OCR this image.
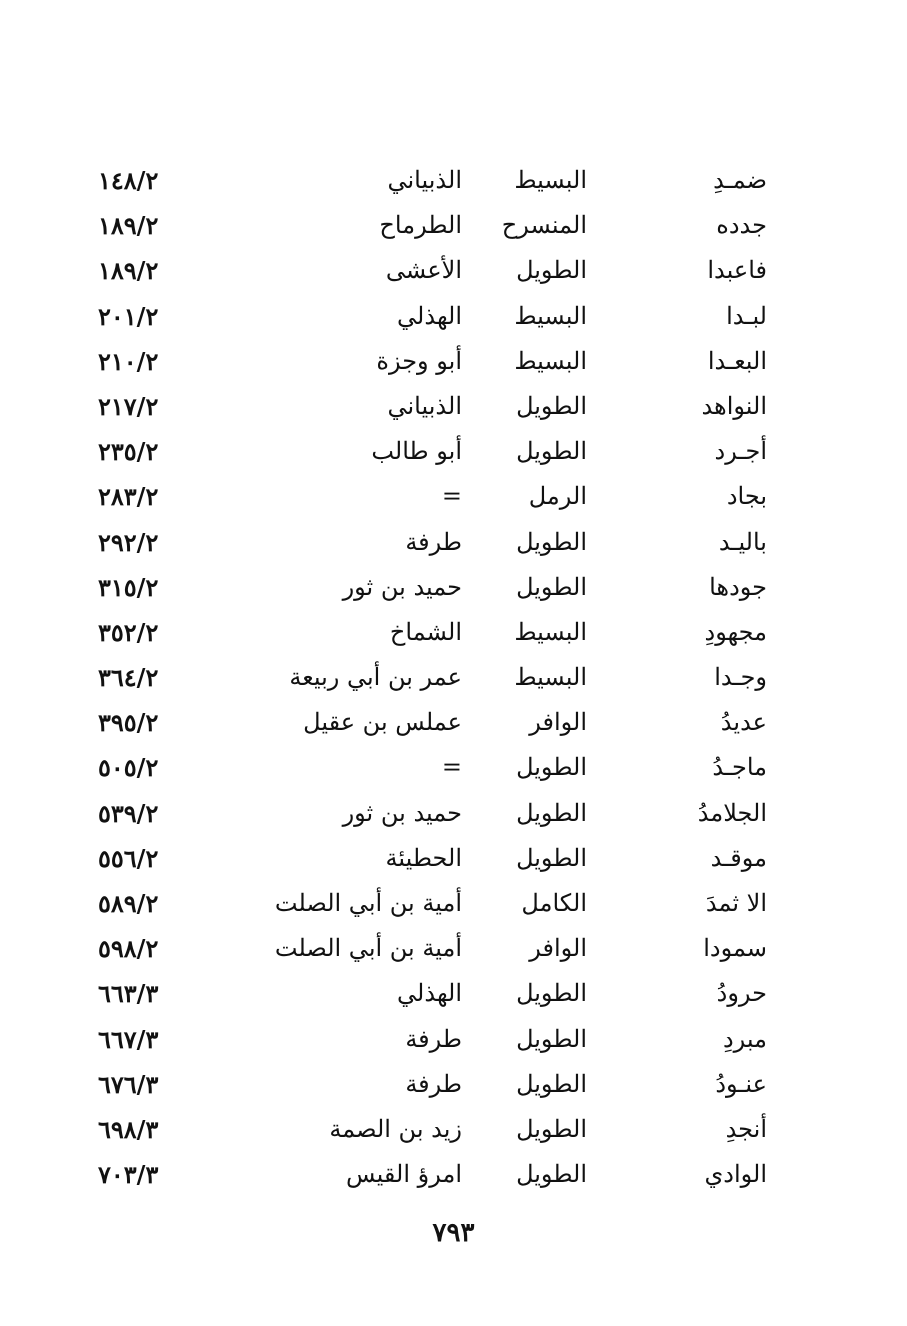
ضمـدِ
البسيط
الذبياني
١٤٨/٢
جدده
المنسرح
الطرماح
١٨٩/٢
فاعبدا
الطويل
الأعشى
١٨٩/٢
لبـدا
البسيط
الهذلي
٢٠١/٢
البعـدا
البسيط
أبو وجزة
٢١٠/٢
النواهد
الطويل
الذبياني
٢١٧/٢
أجـرد
الطويل
أبو طالب
٢٣٥/٢
بجاد
الرمل
=
٢٨٣/٢
باليـد
الطويل
طرفة
٢٩٢/٢
جودها
الطويل
حميد بن ثور
٣١٥/٢
مجهودِ
البسيط
الشماخ
٣٥٢/٢
وجـدا
البسيط
عمر بن أبي ربيعة
٣٦٤/٢
عديدُ
الوافر
عملس بن عقيل
٣٩٥/٢
ماجـدُ
الطويل
=
٥٠٥/٢
الجلامدُ
الطويل
حميد بن ثور
٥٣٩/٢
موقـد
الطويل
الحطيئة
٥٥٦/٢
الا ثمدَ
الكامل
أمية بن أبي الصلت
٥٨٩/٢
سمودا
الوافر
أمية بن أبي الصلت
٥٩٨/٢
حرودُ
الطويل
الهذلي
٦٦٣/٣
مبردِ
الطويل
طرفة
٦٦٧/٣
عنـودُ
الطويل
طرفة
٦٧٦/٣
أنجدِ
الطويل
زيد بن الصمة
٦٩٨/٣
الوادي
الطويل
امرؤ القيس
٧٠٣/٣
٧٩٣
